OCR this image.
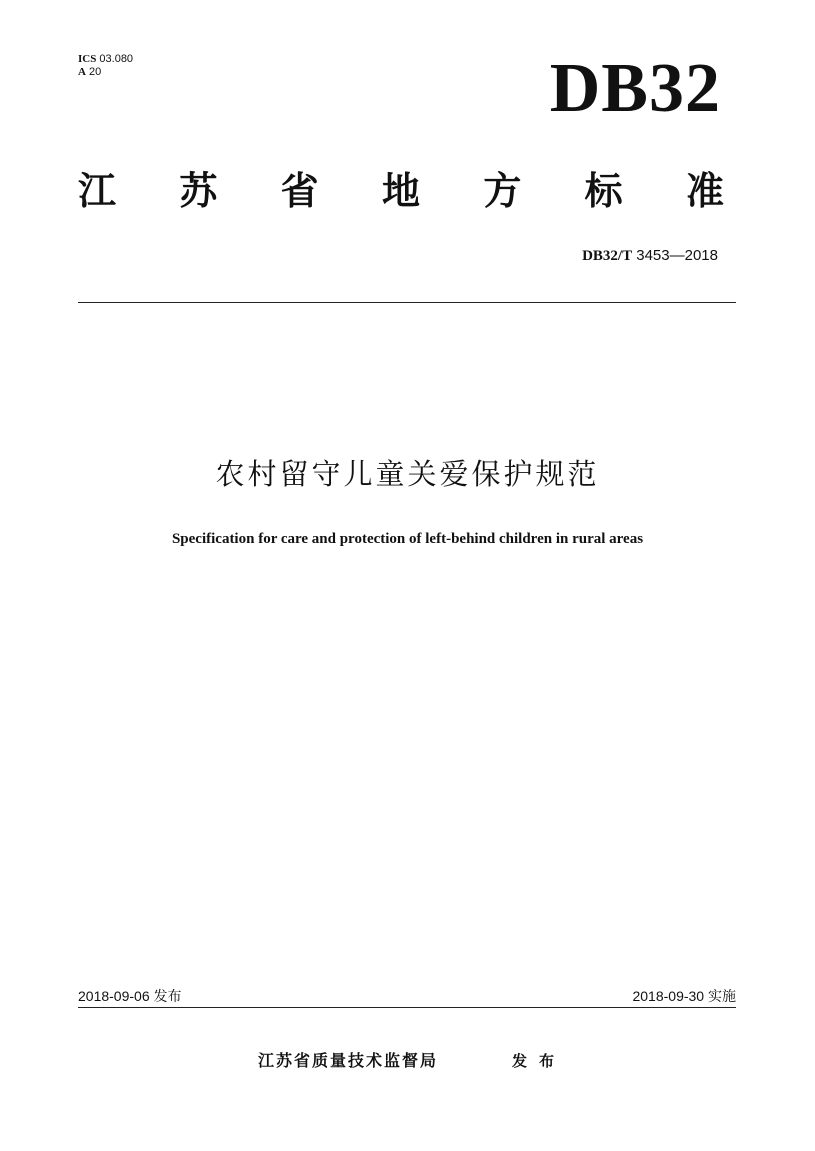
ICS 03.080
A 20	DB32
江 苏 省 地 方 标 准
DB32/T 3453—2018
农村留守儿童关爱保护规范
Specification for care and protection of left-behind children in rural areas
2018-09-06 发布	2018-09-30 实施
江苏省质量技术监督局	发布
